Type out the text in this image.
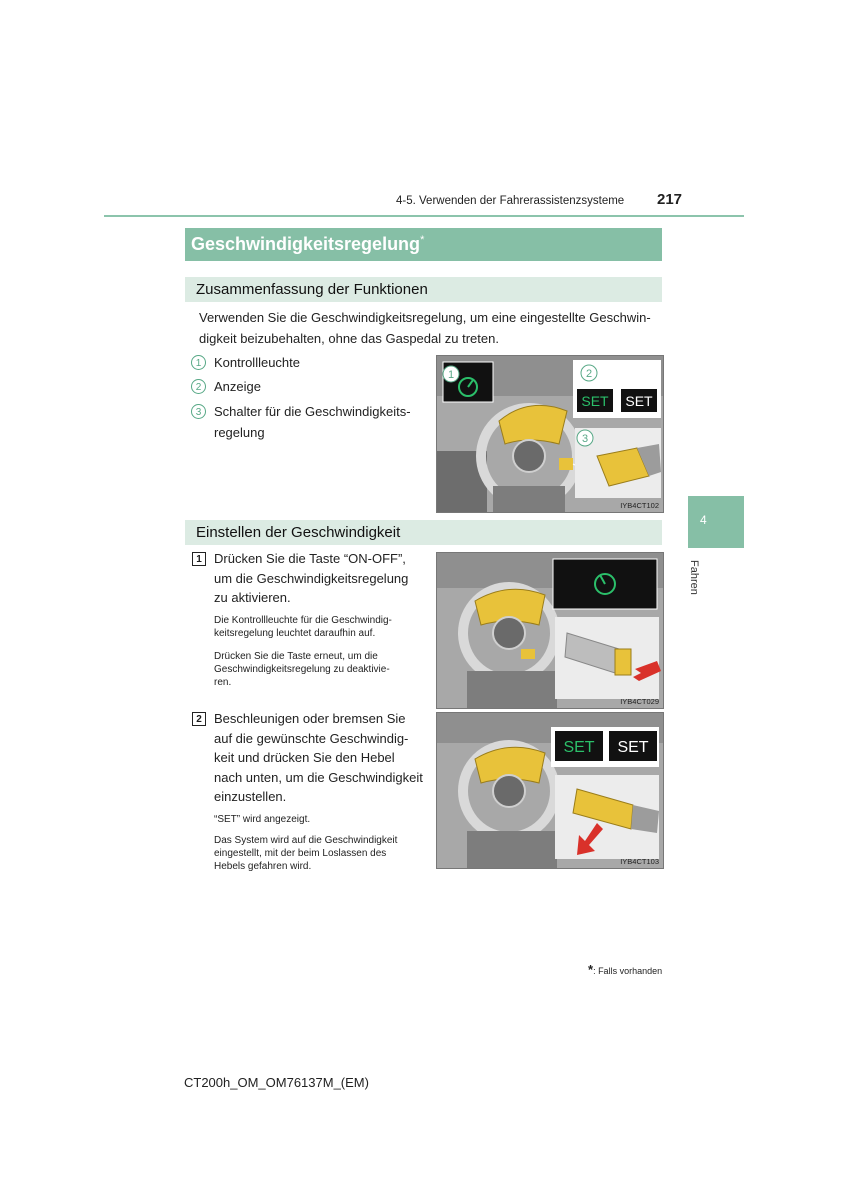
4-5. Verwenden der Fahrerassistenzsysteme 217
Geschwindigkeitsregelung*
Zusammenfassung der Funktionen
Verwenden Sie die Geschwindigkeitsregelung, um eine eingestellte Geschwin-
digkeit beizubehalten, ohne das Gaspedal zu treten.
1 Kontrollleuchte
2 Anzeige
3 Schalter für die Geschwindigkeits-
regelung
1	2
SET SET
3
IYB4CT102
Einstellen der Geschwindigkeit
1 Drücken Sie die Taste “ON-OFF”,
um die Geschwindigkeitsregelung
zu aktivieren.
Die Kontrollleuchte für die Geschwindig-
keitsregelung leuchtet daraufhin auf.
Drücken Sie die Taste erneut, um die
Geschwindigkeitsregelung zu deaktivie-
ren.
IYB4CT029
2 Beschleunigen oder bremsen Sie
auf die gewünschte Geschwindig-
keit und drücken Sie den Hebel
nach unten, um die Geschwindigkeit
einzustellen.
“SET” wird angezeigt.
Das System wird auf die Geschwindigkeit
eingestellt, mit der beim Loslassen des
Hebels gefahren wird.
SET SET
IYB4CT103
4
Fahren
*: Falls vorhanden
CT200h_OM_OM76137M_(EM)
